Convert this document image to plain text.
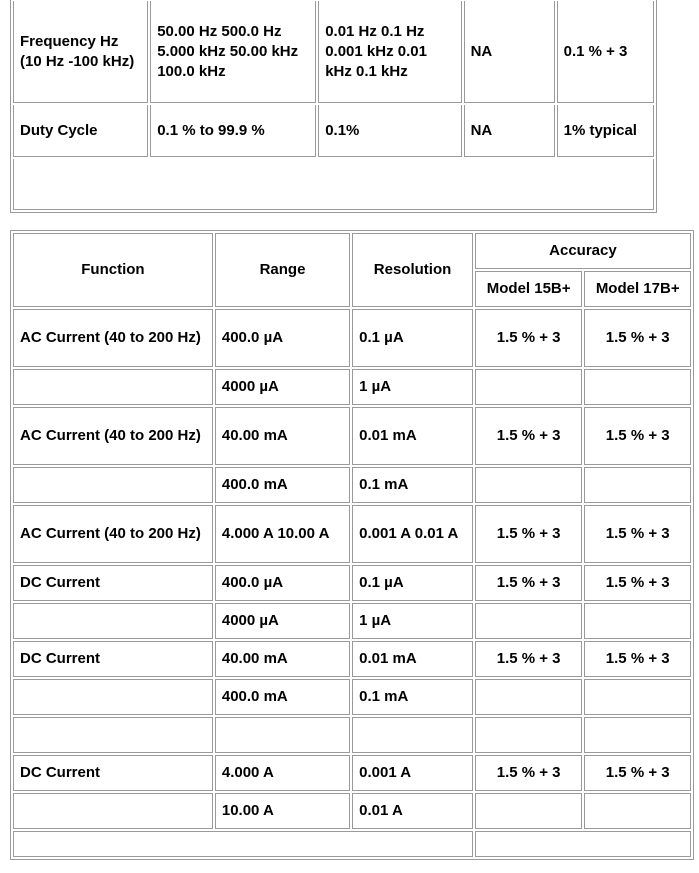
Frequency Hz (10 Hz -100 kHz)	50.00 Hz 500.0 Hz 5.000 kHz 50.00 kHz 100.0 kHz	0.01 Hz 0.1 Hz 0.001 kHz 0.01 kHz 0.1 kHz	NA	0.1 % + 3
Duty Cycle	0.1 % to 99.9 %	0.1%	NA	1% typical

Function	Range	Resolution	Accuracy	
			Model 15B+	Model 17B+
AC Current (40 to 200 Hz)	400.0 µA	0.1 µA	1.5 % + 3	1.5 % + 3
	4000 µA	1 µA		
AC Current (40 to 200 Hz)	40.00 mA	0.01 mA	1.5 % + 3	1.5 % + 3
	400.0 mA	0.1 mA		
AC Current (40 to 200 Hz)	4.000 A 10.00 A	0.001 A 0.01 A	1.5 % + 3	1.5 % + 3
DC Current	400.0 µA	0.1 µA	1.5 % + 3	1.5 % + 3
	4000 µA	1 µA		
DC Current	40.00 mA	0.01 mA	1.5 % + 3	1.5 % + 3
	400.0 mA	0.1 mA		

DC Current	4.000 A	0.001 A	1.5 % + 3	1.5 % + 3
	10.00 A	0.01 A		
